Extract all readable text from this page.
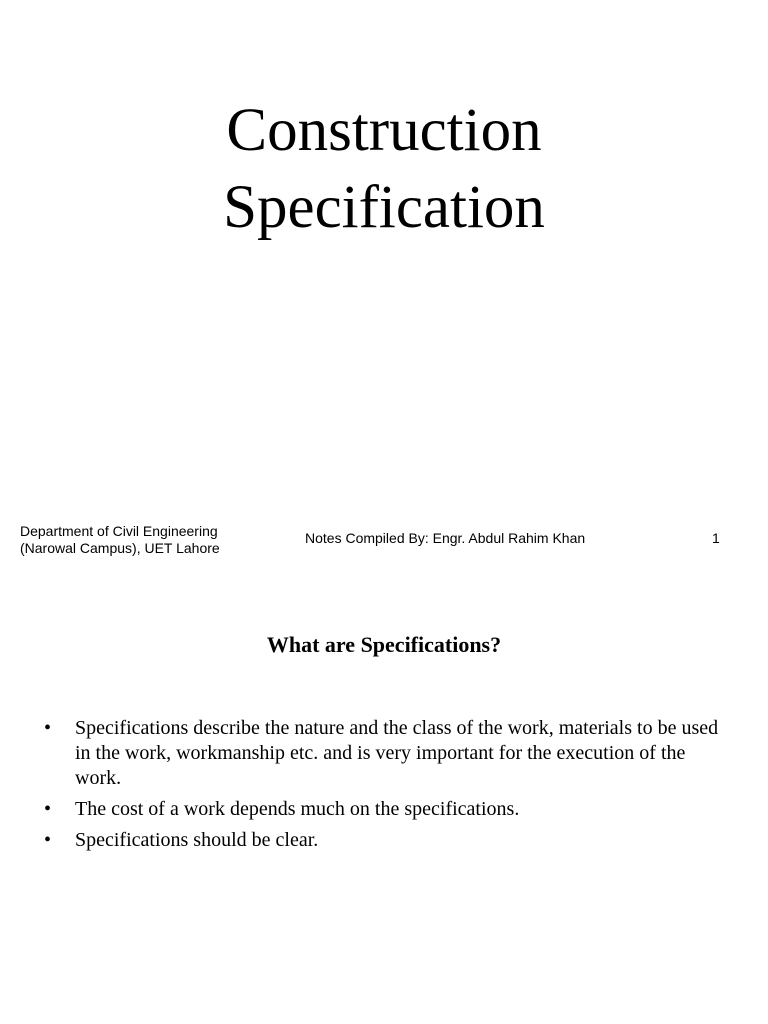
Construction
Specification
Department of Civil Engineering
(Narowal Campus), UET Lahore
Notes Compiled By: Engr. Abdul Rahim Khan	1
What are Specifications?
•	Specifications describe the nature and the class of the work, materials to be used in the work, workmanship etc. and is very important for the execution of the work.
•	The cost of a work depends much on the specifications.
•	Specifications should be clear.
